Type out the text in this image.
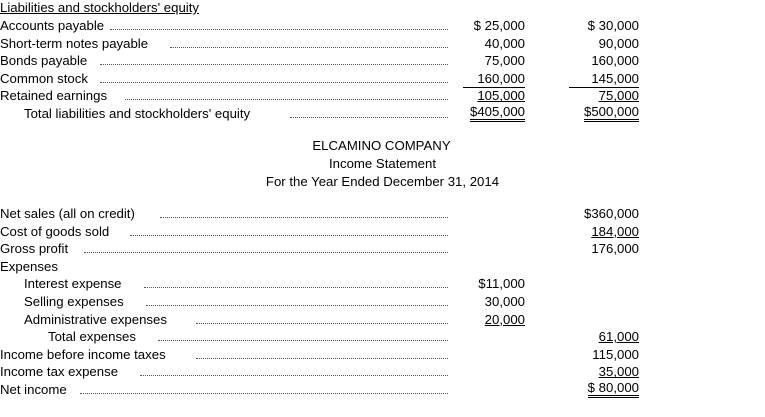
Liabilities and stockholders' equity
Accounts payable	$ 25,000	$ 30,000
Short-term notes payable	40,000	90,000
Bonds payable	75,000	160,000
Common stock	160,000	145,000
Retained earnings	105,000	75,000
Total liabilities and stockholders' equity	$405,000	$500,000
ELCAMINO COMPANY
Income Statement
For the Year Ended December 31, 2014
Net sales (all on credit)	$360,000
Cost of goods sold	184,000
Gross profit	176,000
Expenses
Interest expense	$11,000
Selling expenses	30,000
Administrative expenses	20,000
Total expenses	61,000
Income before income taxes	115,000
Income tax expense	35,000
Net income	$ 80,000
